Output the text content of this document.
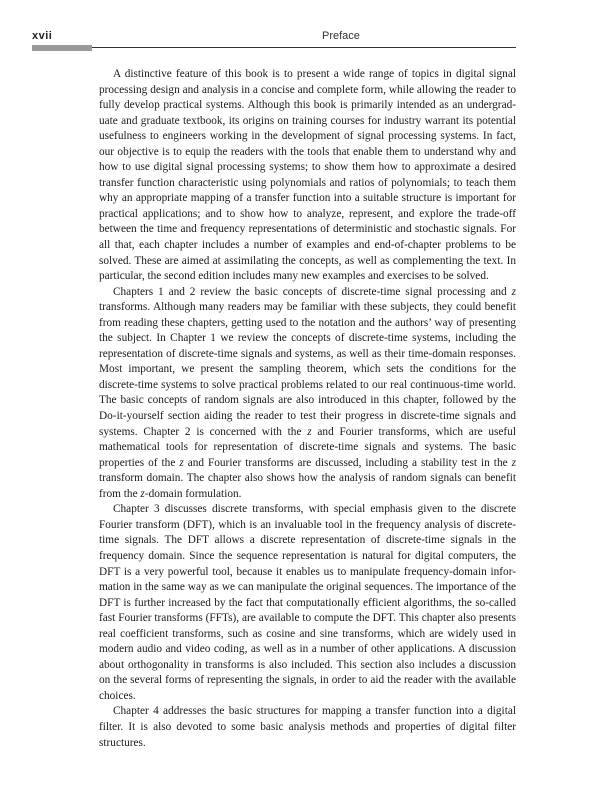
xvii	Preface

A distinctive feature of this book is to present a wide range of topics in digital signal processing design and analysis in a concise and complete form, while allowing the reader to fully develop practical systems. Although this book is primarily intended as an undergrad-uate and graduate textbook, its origins on training courses for industry warrant its potential usefulness to engineers working in the development of signal processing systems. In fact, our objective is to equip the readers with the tools that enable them to understand why and how to use digital signal processing systems; to show them how to approximate a desired transfer function characteristic using polynomials and ratios of polynomials; to teach them why an appropriate mapping of a transfer function into a suitable structure is important for practical applications; and to show how to analyze, represent, and explore the trade-off between the time and frequency representations of deterministic and stochastic signals. For all that, each chapter includes a number of examples and end-of-chapter problems to be solved. These are aimed at assimilating the concepts, as well as complementing the text. In particular, the second edition includes many new examples and exercises to be solved.

Chapters 1 and 2 review the basic concepts of discrete-time signal processing and z transforms. Although many readers may be familiar with these subjects, they could benefit from reading these chapters, getting used to the notation and the authors’ way of presenting the subject. In Chapter 1 we review the concepts of discrete-time systems, including the representation of discrete-time signals and systems, as well as their time-domain responses. Most important, we present the sampling theorem, which sets the conditions for the discrete-time systems to solve practical problems related to our real continuous-time world. The basic concepts of random signals are also introduced in this chapter, followed by the Do-it-yourself section aiding the reader to test their progress in discrete-time signals and systems. Chapter 2 is concerned with the z and Fourier transforms, which are useful mathematical tools for representation of discrete-time signals and systems. The basic properties of the z and Fourier transforms are discussed, including a stability test in the z transform domain. The chapter also shows how the analysis of random signals can benefit from the z-domain formulation.

Chapter 3 discusses discrete transforms, with special emphasis given to the discrete Fourier transform (DFT), which is an invaluable tool in the frequency analysis of discrete-time signals. The DFT allows a discrete representation of discrete-time signals in the frequency domain. Since the sequence representation is natural for digital computers, the DFT is a very powerful tool, because it enables us to manipulate frequency-domain infor-mation in the same way as we can manipulate the original sequences. The importance of the DFT is further increased by the fact that computationally efficient algorithms, the so-called fast Fourier transforms (FFTs), are available to compute the DFT. This chapter also presents real coefficient transforms, such as cosine and sine transforms, which are widely used in modern audio and video coding, as well as in a number of other applications. A discussion about orthogonality in transforms is also included. This section also includes a discussion on the several forms of representing the signals, in order to aid the reader with the available choices.

Chapter 4 addresses the basic structures for mapping a transfer function into a digital filter. It is also devoted to some basic analysis methods and properties of digital filter structures.
